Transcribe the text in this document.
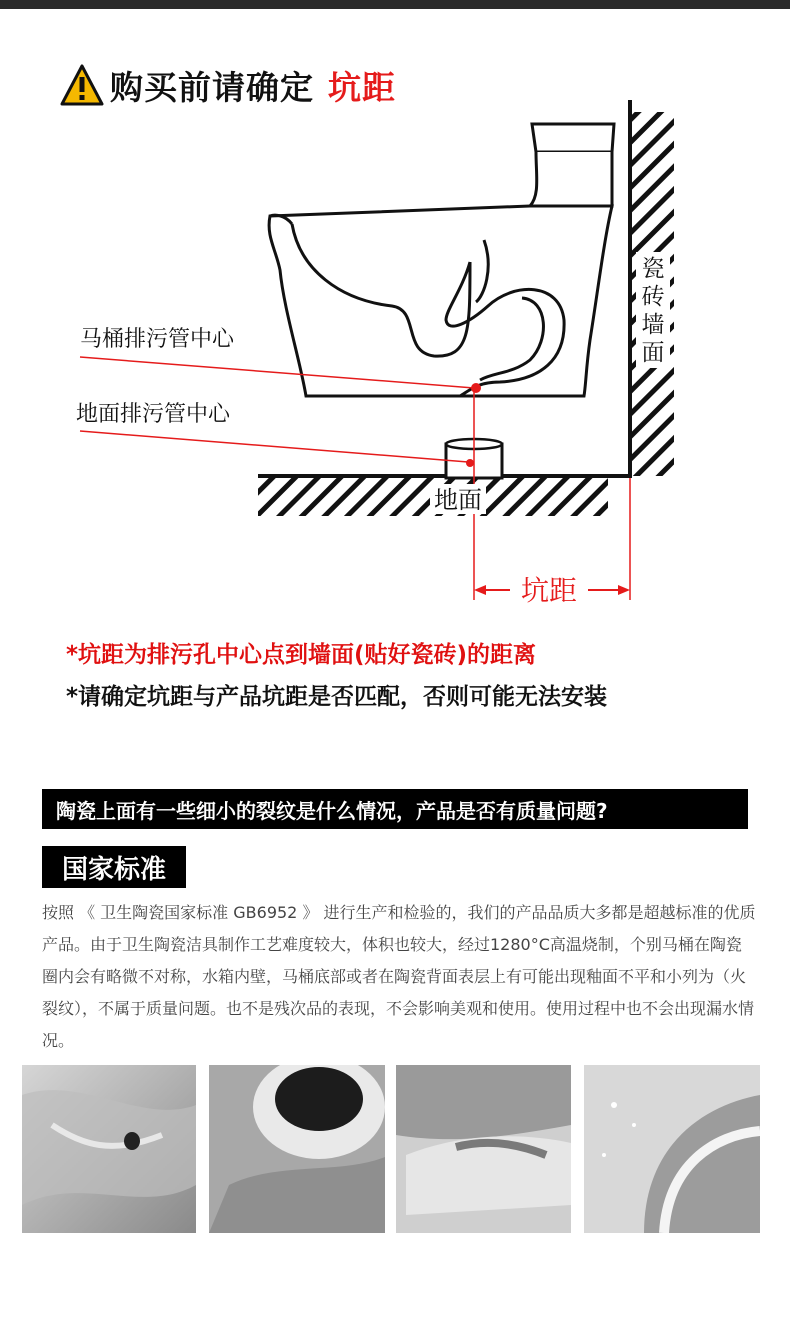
购买前请确定 坑距
马桶排污管中心
地面排污管中心
瓷
砖
墙
面
地面
坑距
*坑距为排污孔中心点到墙面(贴好瓷砖)的距离
*请确定坑距与产品坑距是否匹配，否则可能无法安装
陶瓷上面有一些细小的裂纹是什么情况，产品是否有质量问题?
国家标准
按照 《 卫生陶瓷国家标准 GB6952 》 进行生产和检验的，我们的产品品质大多都是超越标准的优质产品。由于卫生陶瓷洁具制作工艺难度较大，体积也较大，经过1280°C高温烧制，个别马桶在陶瓷圈内会有略微不对称，水箱内壁，马桶底部或者在陶瓷背面表层上有可能出现釉面不平和小列为（火裂纹），不属于质量问题。也不是残次品的表现，不会影响美观和使用。使用过程中也不会出现漏水情况。
